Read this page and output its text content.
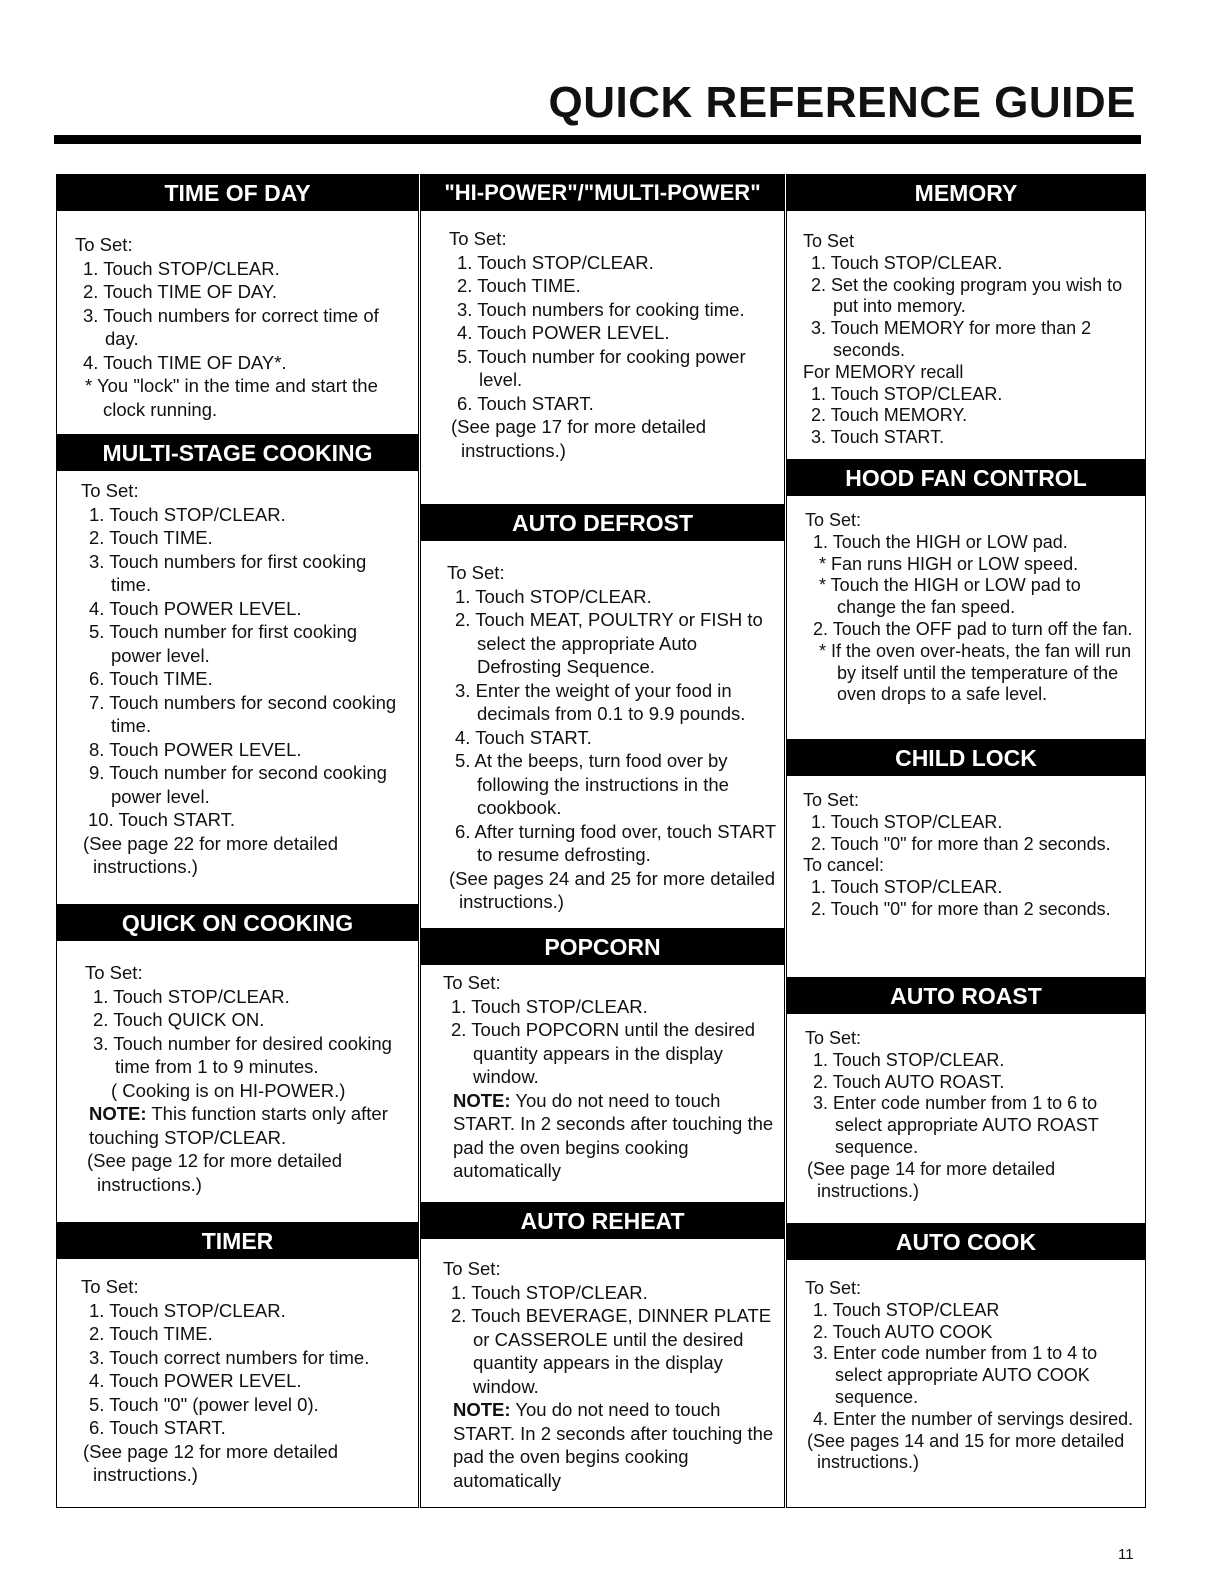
QUICK REFERENCE GUIDE
TIME OF DAY
To Set:
1. Touch STOP/CLEAR.
2. Touch TIME OF DAY.
3. Touch numbers for correct time of day.
4. Touch TIME OF DAY*.
* You "lock" in the time and start the clock running.
MULTI-STAGE COOKING
To Set:
1. Touch STOP/CLEAR.
2. Touch TIME.
3. Touch numbers for first cooking time.
4. Touch POWER LEVEL.
5. Touch number for first cooking power level.
6. Touch TIME.
7. Touch numbers for second cooking time.
8. Touch POWER LEVEL.
9. Touch number for second cooking power level.
10. Touch START.
(See page 22 for more detailed instructions.)
QUICK ON COOKING
To Set:
1. Touch STOP/CLEAR.
2. Touch QUICK ON.
3. Touch number for desired cooking time from 1 to 9 minutes.
( Cooking is on HI-POWER.)
NOTE: This function starts only after touching STOP/CLEAR.
(See page 12 for more detailed instructions.)
TIMER
To Set:
1. Touch STOP/CLEAR.
2. Touch TIME.
3. Touch correct numbers for time.
4. Touch POWER LEVEL.
5. Touch "0" (power level 0).
6. Touch START.
(See page 12 for more detailed instructions.)
"HI-POWER"/"MULTI-POWER"
To Set:
1. Touch STOP/CLEAR.
2. Touch TIME.
3. Touch numbers for cooking time.
4. Touch POWER LEVEL.
5. Touch number for cooking power level.
6. Touch START.
(See page 17 for more detailed instructions.)
AUTO DEFROST
To Set:
1. Touch STOP/CLEAR.
2. Touch MEAT, POULTRY or FISH to select the appropriate Auto Defrosting Sequence.
3. Enter the weight of your food in decimals from 0.1 to 9.9 pounds.
4. Touch START.
5. At the beeps, turn food over by following the instructions in the cookbook.
6. After turning food over, touch START to resume defrosting.
(See pages 24 and 25 for more detailed instructions.)
POPCORN
To Set:
1. Touch STOP/CLEAR.
2. Touch POPCORN until the desired quantity appears in the display window.
NOTE: You do not need to touch START. In 2 seconds after touching the pad the oven begins cooking automatically
AUTO REHEAT
To Set:
1. Touch STOP/CLEAR.
2. Touch BEVERAGE, DINNER PLATE or CASSEROLE until the desired quantity appears in the display window.
NOTE: You do not need to touch START. In 2 seconds after touching the pad the oven begins cooking automatically
MEMORY
To Set
1. Touch STOP/CLEAR.
2. Set the cooking program you wish to put into memory.
3. Touch MEMORY for more than 2 seconds.
For MEMORY recall
1. Touch STOP/CLEAR.
2. Touch MEMORY.
3. Touch START.
HOOD FAN CONTROL
To Set:
1. Touch the HIGH or LOW pad.
* Fan runs HIGH or LOW speed.
* Touch the HIGH or LOW pad to change the fan speed.
2. Touch the OFF pad to turn off the fan.
* If the oven over-heats, the fan will run by itself until the temperature of the oven drops to a safe level.
CHILD LOCK
To Set:
1. Touch STOP/CLEAR.
2. Touch "0" for more than 2 seconds.
To cancel:
1. Touch STOP/CLEAR.
2. Touch "0" for more than 2 seconds.
AUTO ROAST
To Set:
1. Touch STOP/CLEAR.
2. Touch AUTO ROAST.
3. Enter code number from 1 to 6 to select appropriate AUTO ROAST sequence.
(See page 14 for more detailed instructions.)
AUTO COOK
To Set:
1. Touch STOP/CLEAR
2. Touch AUTO COOK
3. Enter code number from 1 to 4 to select appropriate AUTO COOK sequence.
4. Enter the number of servings desired.
(See pages 14 and 15 for more detailed instructions.)
11
